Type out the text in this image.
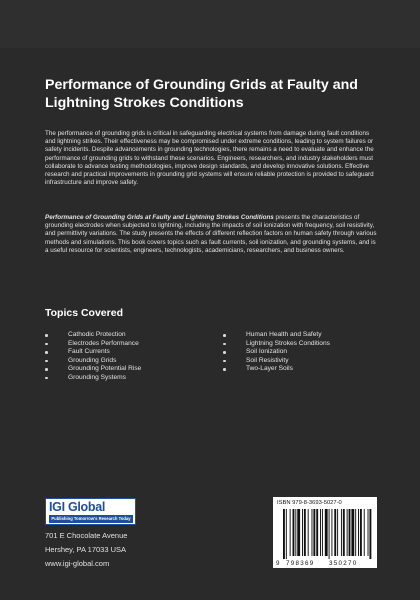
Performance of Grounding Grids at Faulty and Lightning Strokes Conditions

The performance of grounding grids is critical in safeguarding electrical systems from damage during fault conditions and lightning strikes. Their effectiveness may be compromised under extreme conditions, leading to system failures or safety incidents. Despite advancements in grounding technologies, there remains a need to evaluate and enhance the performance of grounding grids to withstand these scenarios. Engineers, researchers, and industry stakeholders must collaborate to advance testing methodologies, improve design standards, and develop innovative solutions. Effective research and practical improvements in grounding grid systems will ensure reliable protection is provided to safeguard infrastructure and improve safety.

Performance of Grounding Grids at Faulty and Lightning Strokes Conditions presents the characteristics of grounding electrodes when subjected to lightning, including the impacts of soil ionization with frequency, soil resistivity, and permittivity variations. The study presents the effects of different reflection factors on human safety through various methods and simulations. This book covers topics such as fault currents, soil ionization, and grounding systems, and is a useful resource for scientists, engineers, technologists, academicians, researchers, and business owners.

Topics Covered
Cathodic Protection
Electrodes Performance
Fault Currents
Grounding Grids
Grounding Potential Rise
Grounding Systems
Human Health and Safety
Lightning Strokes Conditions
Soil Ionization
Soil Resistivity
Two-Layer Soils
IGI Global
Publishing Tomorrow's Research Today

701 E Chocolate Avenue

Hershey, PA 17033 USA

www.igi-global.com

ISBN 979-8-3693-5027-0
9 798369 350270
